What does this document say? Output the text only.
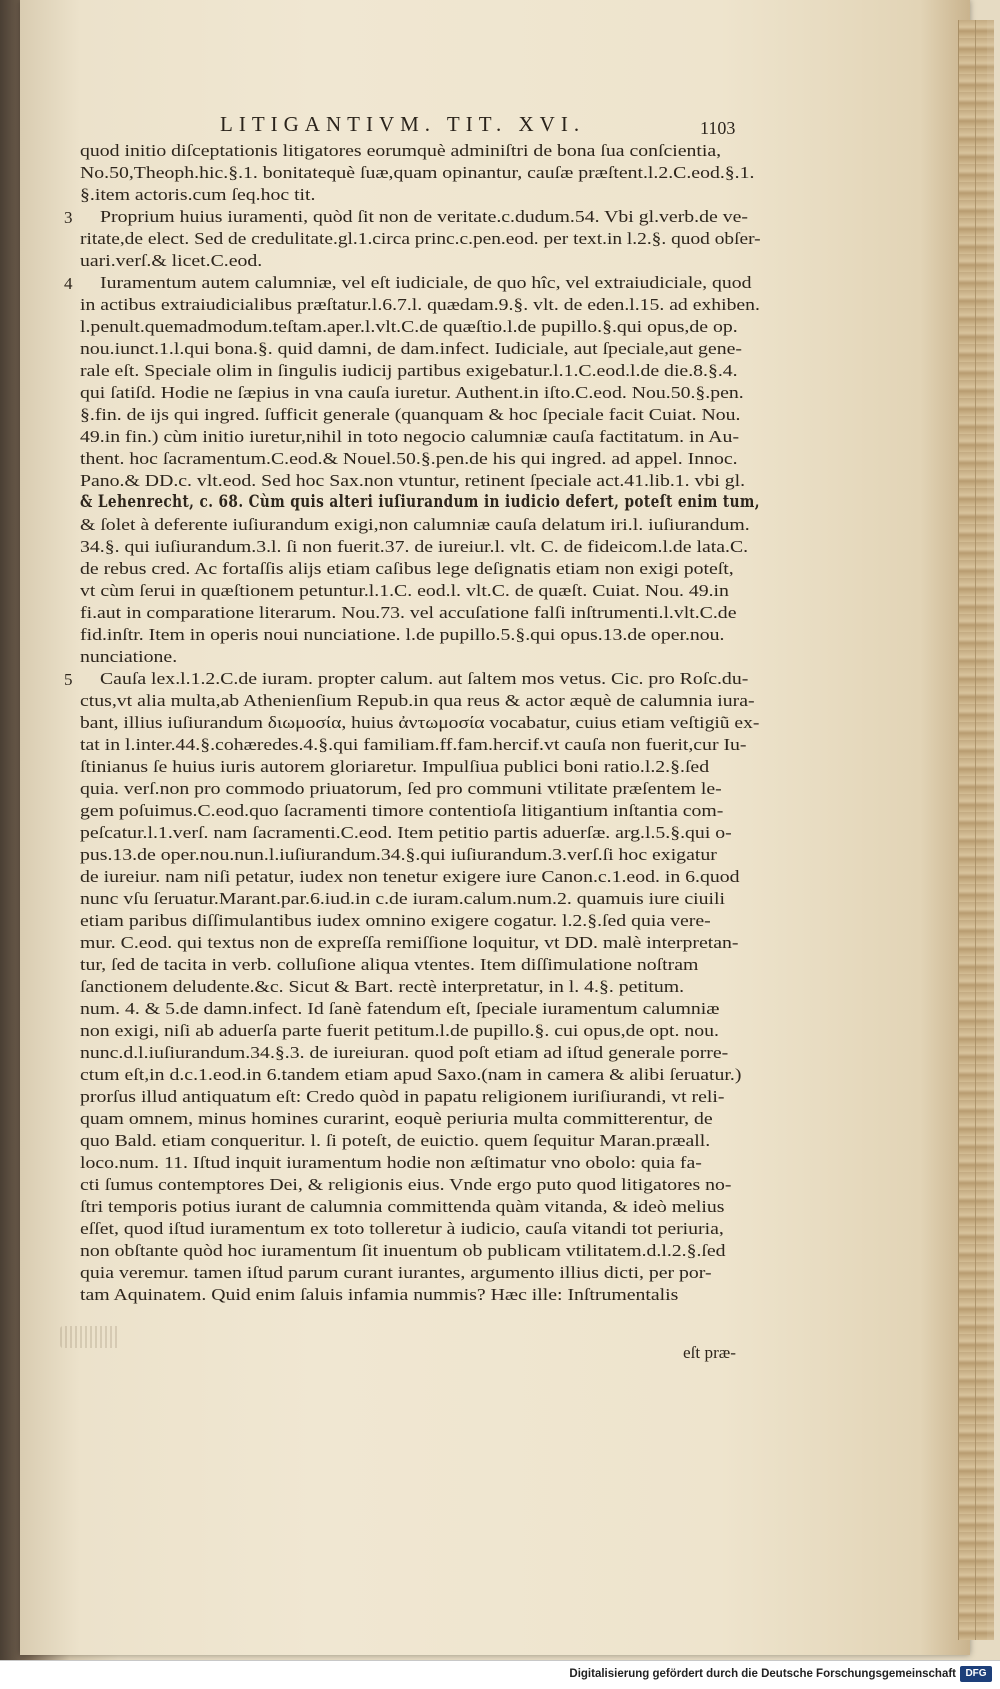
LITIGANTIVM. TIT. XVI.	1103
quod initio diſceptationis litigatores eorumquè adminiſtri de bona ſua conſcientia,
No.50,Theoph.hic.§.1. bonitatequè ſuæ,quam opinantur, cauſæ præſtent.l.2.C.eod.§.1.
§.item actoris.cum ſeq.hoc tit.
3 Proprium huius iuramenti, quòd ſit non de veritate.c.dudum.54. Vbi gl.verb.de ve-
ritate,de elect. Sed de credulitate.gl.1.circa princ.c.pen.eod. per text.in l.2.§. quod obſer-
uari.verſ.& licet.C.eod.
4 Iuramentum autem calumniæ, vel eſt iudiciale, de quo hîc, vel extraiudiciale, quod
in actibus extraiudicialibus præſtatur.l.6.7.l. quædam.9.§. vlt. de eden.l.15. ad exhiben.
l.penult.quemadmodum.teſtam.aper.l.vlt.C.de quæſtio.l.de pupillo.§.qui opus,de op.
nou.iunct.1.l.qui bona.§. quid damni, de dam.infect. Iudiciale, aut ſpeciale,aut gene-
rale eſt. Speciale olim in ſingulis iudicij partibus exigebatur.l.1.C.eod.l.de die.8.§.4.
qui ſatiſd. Hodie ne ſæpius in vna cauſa iuretur. Authent.in iſto.C.eod. Nou.50.§.pen.
§.fin. de ijs qui ingred. ſufficit generale (quanquam & hoc ſpeciale facit Cuiat. Nou.
49.in fin.) cùm initio iuretur,nihil in toto negocio calumniæ cauſa factitatum. in Au-
thent. hoc ſacramentum.C.eod.& Nouel.50.§.pen.de his qui ingred. ad appel. Innoc.
Pano.& DD.c. vlt.eod. Sed hoc Sax.non vtuntur, retinent ſpeciale act.41.lib.1. vbi gl.
& Lehenrecht, c. 68. Cùm quis alteri iuſiurandum in iudicio defert, poteſt enim tum,
& ſolet à deferente iuſiurandum exigi,non calumniæ cauſa delatum iri.l. iuſiurandum.
34.§. qui iuſiurandum.3.l. ſi non fuerit.37. de iureiur.l. vlt. C. de fideicom.l.de lata.C.
de rebus cred. Ac fortaſſis alijs etiam caſibus lege deſignatis etiam non exigi poteſt,
vt cùm ſerui in quæſtionem petuntur.l.1.C. eod.l. vlt.C. de quæſt. Cuiat. Nou. 49.in
fi.aut in comparatione literarum. Nou.73. vel accuſatione falſi inſtrumenti.l.vlt.C.de
fid.inſtr. Item in operis noui nunciatione. l.de pupillo.5.§.qui opus.13.de oper.nou.
nunciatione.
5 Cauſa lex.l.1.2.C.de iuram. propter calum. aut ſaltem mos vetus. Cic. pro Roſc.du-
ctus,vt alia multa,ab Athenienſium Repub.in qua reus & actor æquè de calumnia iura-
bant, illius iuſiurandum διωμοσία, huius ἀντωμοσία vocabatur, cuius etiam veſtigiũ ex-
tat in l.inter.44.§.cohæredes.4.§.qui familiam.ff.fam.hercif.vt cauſa non fuerit,cur Iu-
ſtinianus ſe huius iuris autorem gloriaretur. Impulſiua publici boni ratio.l.2.§.ſed
quia. verſ.non pro commodo priuatorum, ſed pro communi vtilitate præſentem le-
gem poſuimus.C.eod.quo ſacramenti timore contentioſa litigantium inſtantia com-
peſcatur.l.1.verſ. nam ſacramenti.C.eod. Item petitio partis aduerſæ. arg.l.5.§.qui o-
pus.13.de oper.nou.nun.l.iuſiurandum.34.§.qui iuſiurandum.3.verſ.ſi hoc exigatur
de iureiur. nam niſi petatur, iudex non tenetur exigere iure Canon.c.1.eod. in 6.quod
nunc vſu ſeruatur.Marant.par.6.iud.in c.de iuram.calum.num.2. quamuis iure ciuili
etiam paribus diſſimulantibus iudex omnino exigere cogatur. l.2.§.ſed quia vere-
mur. C.eod. qui textus non de expreſſa remiſſione loquitur, vt DD. malè interpretan-
tur, ſed de tacita in verb. colluſione aliqua vtentes. Item diſſimulatione noſtram
ſanctionem deludente.&c. Sicut & Bart. rectè interpretatur, in l. 4.§. petitum.
num. 4. & 5.de damn.infect. Id ſanè fatendum eſt, ſpeciale iuramentum calumniæ
non exigi, niſi ab aduerſa parte fuerit petitum.l.de pupillo.§. cui opus,de opt. nou.
nunc.d.l.iuſiurandum.34.§.3. de iureiuran. quod poſt etiam ad iſtud generale porre-
ctum eſt,in d.c.1.eod.in 6.tandem etiam apud Saxo.(nam in camera & alibi ſeruatur.)
prorſus illud antiquatum eſt: Credo quòd in papatu religionem iuriſiurandi, vt reli-
quam omnem, minus homines curarint, eoquè periuria multa committerentur, de
quo Bald. etiam conqueritur. l. ſi poteſt, de euictio. quem ſequitur Maran.præall.
loco.num. 11. Iſtud inquit iuramentum hodie non æſtimatur vno obolo: quia fa-
cti ſumus contemptores Dei, & religionis eius. Vnde ergo puto quod litigatores no-
ſtri temporis potius iurant de calumnia committenda quàm vitanda, & ideò melius
eſſet, quod iſtud iuramentum ex toto tolleretur à iudicio, cauſa vitandi tot periuria,
non obſtante quòd hoc iuramentum ſit inuentum ob publicam vtilitatem.d.l.2.§.ſed
quia veremur. tamen iſtud parum curant iurantes, argumento illius dicti, per por-
tam Aquinatem. Quid enim ſaluis infamia nummis? Hæc ille: Inſtrumentalis
eſt præ-
Digitalisierung gefördert durch die Deutsche Forschungsgemeinschaft DFG
